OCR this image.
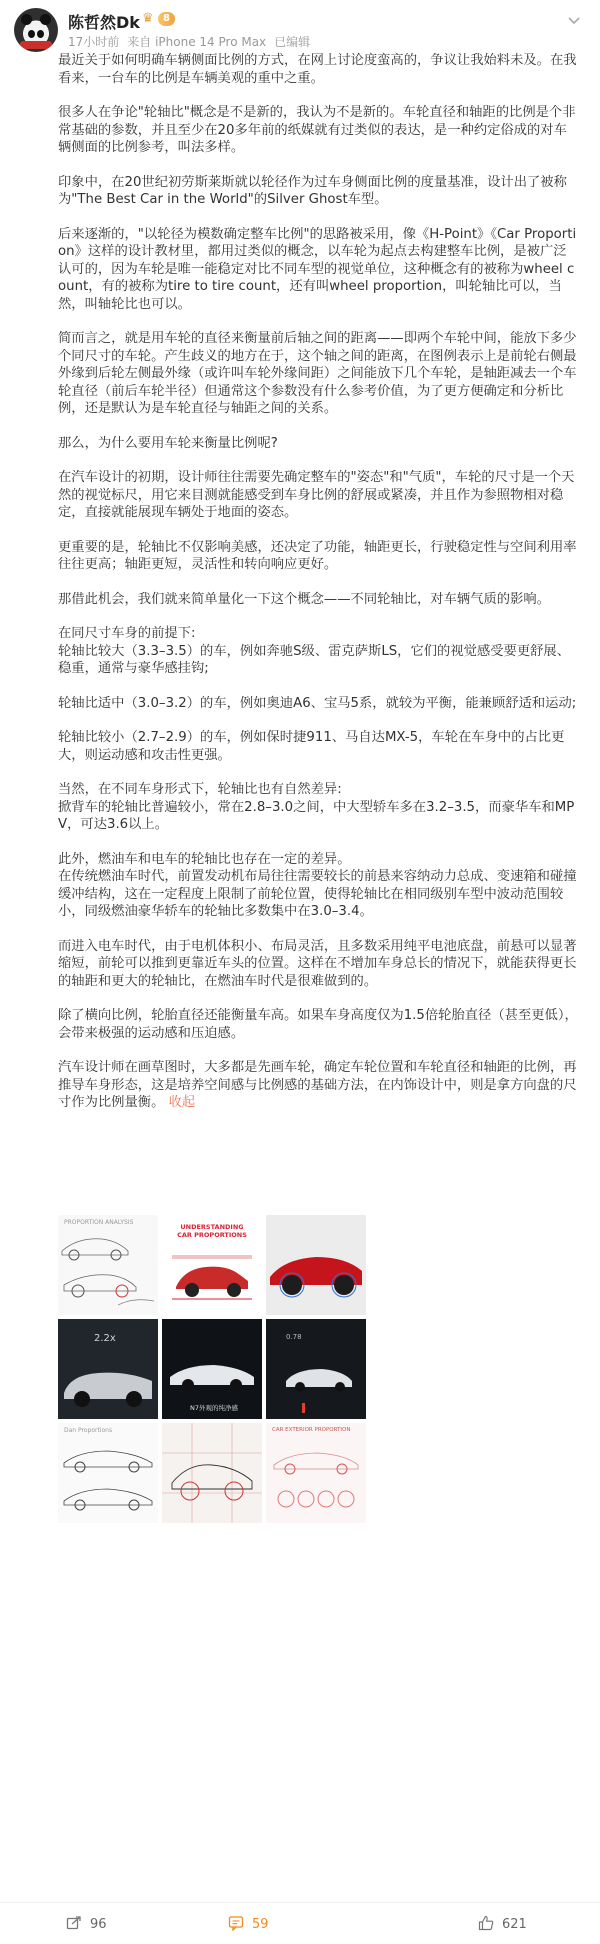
陈哲然Dk ♛ 8
17小时前 来自 iPhone 14 Pro Max 已编辑

最近关于如何明确车辆侧面比例的方式，在网上讨论度蛮高的，争议让我始料未及。在我看来，一台车的比例是车辆美观的重中之重。

很多人在争论"轮轴比"概念是不是新的，我认为不是新的。车轮直径和轴距的比例是个非常基础的参数，并且至少在20多年前的纸媒就有过类似的表达，是一种约定俗成的对车辆侧面的比例参考，叫法多样。

印象中，在20世纪初劳斯莱斯就以轮径作为过车身侧面比例的度量基准，设计出了被称为"The Best Car in the World"的Silver Ghost车型。

后来逐渐的，"以轮径为模数确定整车比例"的思路被采用，像《H-Point》《Car Proportion》这样的设计教材里，都用过类似的概念，以车轮为起点去构建整车比例，是被广泛认可的，因为车轮是唯一能稳定对比不同车型的视觉单位，这种概念有的被称为wheel count，有的被称为tire to tire count，还有叫wheel proportion，叫轮轴比可以，当然，叫轴轮比也可以。

简而言之，就是用车轮的直径来衡量前后轴之间的距离——即两个车轮中间，能放下多少个同尺寸的车轮。产生歧义的地方在于，这个轴之间的距离，在图例表示上是前轮右侧最外缘到后轮左侧最外缘（或许叫车轮外缘间距）之间能放下几个车轮，是轴距减去一个车轮直径（前后车轮半径）但通常这个参数没有什么参考价值，为了更方便确定和分析比例，还是默认为是车轮直径与轴距之间的关系。

那么，为什么要用车轮来衡量比例呢?

在汽车设计的初期，设计师往往需要先确定整车的"姿态"和"气质"，车轮的尺寸是一个天然的视觉标尺，用它来目测就能感受到车身比例的舒展或紧凑，并且作为参照物相对稳定，直接就能展现车辆处于地面的姿态。

更重要的是，轮轴比不仅影响美感，还决定了功能，轴距更长，行驶稳定性与空间利用率往往更高；轴距更短，灵活性和转向响应更好。

那借此机会，我们就来简单量化一下这个概念——不同轮轴比，对车辆气质的影响。

在同尺寸车身的前提下:
轮轴比较大（3.3–3.5）的车，例如奔驰S级、雷克萨斯LS，它们的视觉感受要更舒展、稳重，通常与豪华感挂钩;

轮轴比适中（3.0–3.2）的车，例如奥迪A6、宝马5系，就较为平衡，能兼顾舒适和运动;

轮轴比较小（2.7–2.9）的车，例如保时捷911、马自达MX-5，车轮在车身中的占比更大，则运动感和攻击性更强。

当然，在不同车身形式下，轮轴比也有自然差异:
掀背车的轮轴比普遍较小，常在2.8–3.0之间，中大型轿车多在3.2–3.5，而豪华车和MPV，可达3.6以上。

此外，燃油车和电车的轮轴比也存在一定的差异。
在传统燃油车时代，前置发动机布局往往需要较长的前悬来容纳动力总成、变速箱和碰撞缓冲结构，这在一定程度上限制了前轮位置，使得轮轴比在相同级别车型中波动范围较小，同级燃油豪华轿车的轮轴比多数集中在3.0–3.4。

而进入电车时代，由于电机体积小、布局灵活，且多数采用纯平电池底盘，前悬可以显著缩短，前轮可以推到更靠近车头的位置。这样在不增加车身总长的情况下，就能获得更长的轴距和更大的轮轴比，在燃油车时代是很难做到的。

除了横向比例，轮胎直径还能衡量车高。如果车身高度仅为1.5倍轮胎直径（甚至更低），会带来极强的运动感和压迫感。

汽车设计师在画草图时，大多都是先画车轮，确定车轮位置和车轮直径和轴距的比例，再推导车身形态，这是培养空间感与比例感的基础方法，在内饰设计中，则是拿方向盘的尺寸作为比例量衡。 收起

PROPORTION ANALYSIS
UNDERSTANDING CAR PROPORTIONS
2.2x
N7外观的纯净感
0.78
Dan Proportions	CAR EXTERIOR PROPORTION
96	59	621
